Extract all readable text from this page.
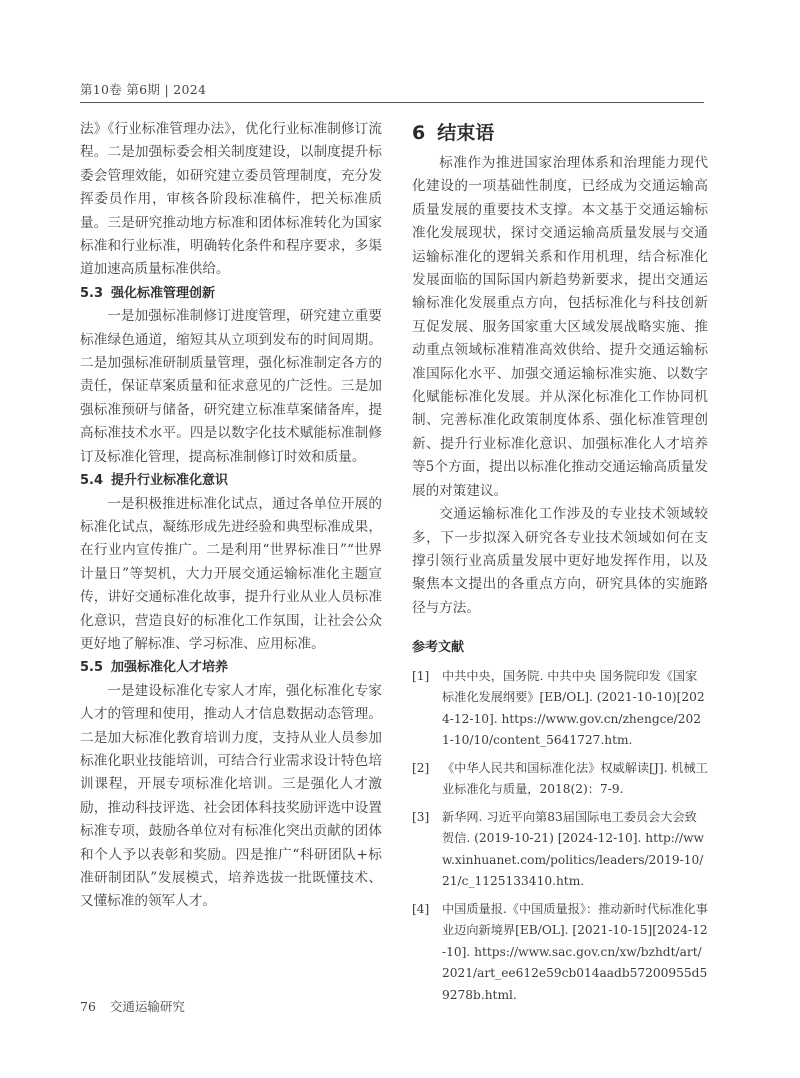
第10卷 第6期 | 2024

法》《行业标准管理办法》，优化行业标准制修订流程。二是加强标委会相关制度建设，以制度提升标委会管理效能，如研究建立委员管理制度，充分发挥委员作用，审核各阶段标准稿件，把关标准质量。三是研究推动地方标准和团体标准转化为国家标准和行业标准，明确转化条件和程序要求，多渠道加速高质量标准供给。

5.3 强化标准管理创新

一是加强标准制修订进度管理，研究建立重要标准绿色通道，缩短其从立项到发布的时间周期。二是加强标准研制质量管理，强化标准制定各方的责任，保证草案质量和征求意见的广泛性。三是加强标准预研与储备，研究建立标准草案储备库，提高标准技术水平。四是以数字化技术赋能标准制修订及标准化管理，提高标准制修订时效和质量。

5.4 提升行业标准化意识

一是积极推进标准化试点，通过各单位开展的标准化试点，凝练形成先进经验和典型标准成果，在行业内宣传推广。二是利用“世界标准日”“世界计量日”等契机，大力开展交通运输标准化主题宣传，讲好交通标准化故事，提升行业从业人员标准化意识，营造良好的标准化工作氛围，让社会公众更好地了解标准、学习标准、应用标准。

5.5 加强标准化人才培养

一是建设标准化专家人才库，强化标准化专家人才的管理和使用，推动人才信息数据动态管理。二是加大标准化教育培训力度，支持从业人员参加标准化职业技能培训，可结合行业需求设计特色培训课程，开展专项标准化培训。三是强化人才激励，推动科技评选、社会团体科技奖励评选中设置标准专项，鼓励各单位对有标准化突出贡献的团体和个人予以表彰和奖励。四是推广“科研团队+标准研制团队”发展模式，培养选拔一批既懂技术、又懂标准的领军人才。

6 结束语

标准作为推进国家治理体系和治理能力现代化建设的一项基础性制度，已经成为交通运输高质量发展的重要技术支撑。本文基于交通运输标准化发展现状，探讨交通运输高质量发展与交通运输标准化的逻辑关系和作用机理，结合标准化发展面临的国际国内新趋势新要求，提出交通运输标准化发展重点方向，包括标准化与科技创新互促发展、服务国家重大区域发展战略实施、推动重点领域标准精准高效供给、提升交通运输标准国际化水平、加强交通运输标准实施、以数字化赋能标准化发展。并从深化标准化工作协同机制、完善标准化政策制度体系、强化标准管理创新、提升行业标准化意识、加强标准化人才培养等5个方面，提出以标准化推动交通运输高质量发展的对策建议。

交通运输标准化工作涉及的专业技术领域较多，下一步拟深入研究各专业技术领域如何在支撑引领行业高质量发展中更好地发挥作用，以及聚焦本文提出的各重点方向，研究具体的实施路径与方法。

参考文献
[1]	中共中央，国务院. 中共中央 国务院印发《国家标准化发展纲要》[EB/OL]. (2021-10-10)[2024-12-10]. https://www.gov.cn/zhengce/2021-10/10/content_5641727.htm.
[2]	《中华人民共和国标准化法》权威解读[J]. 机械工业标准化与质量，2018(2)：7-9.
[3]	新华网. 习近平向第83届国际电工委员会大会致贺信. (2019-10-21) [2024-12-10]. http://www.xinhuanet.com/politics/leaders/2019-10/21/c_1125133410.htm.
[4]	中国质量报.《中国质量报》：推动新时代标准化事业迈向新境界[EB/OL]. [2021-10-15][2024-12-10]. https://www.sac.gov.cn/xw/bzhdt/art/2021/art_ee612e59cb014aadb57200955d59278b.html.
76 交通运输研究
